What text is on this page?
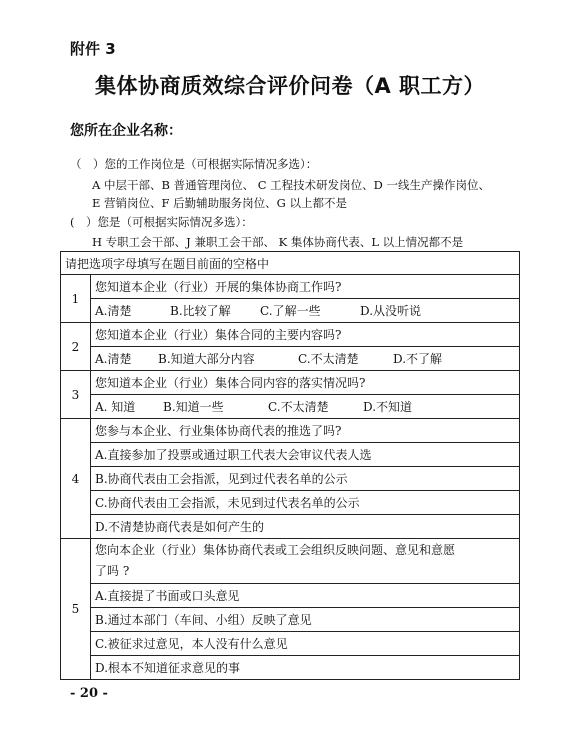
附件 3
集体协商质效综合评价问卷（A 职工方）
您所在企业名称：
（　）您的工作岗位是（可根据实际情况多选）：
A 中层干部、B 普通管理岗位、 C 工程技术研发岗位、D 一线生产操作岗位、
E 营销岗位、F 后勤辅助服务岗位、G 以上都不是
(　）您是（可根据实际情况多选）：
H 专职工会干部、J 兼职工会干部、 K 集体协商代表、L 以上情况都不是
请把选项字母填写在题目前面的空格中	
1	您知道本企业（行业）开展的集体协商工作吗?

	A.清楚 B.比较了解 C.了解一些 D.从没听说

2	您知道本企业（行业）集体合同的主要内容吗?

	A.清楚 B.知道大部分内容 C.不太清楚 D.不了解

3	您知道本企业（行业）集体合同内容的落实情况吗?

	A. 知道 B.知道一些 C.不太清楚 D.不知道

4	您参与本企业、行业集体协商代表的推选了吗?
	A.直接参加了投票或通过职工代表大会审议代表人选
	B.协商代表由工会指派，见到过代表名单的公示
	C.协商代表由工会指派，未见到过代表名单的公示
	D.不清楚协商代表是如何产生的
5	您向本企业（行业）集体协商代表或工会组织反映问题、意见和意愿
了吗 ?

	A.直接提了书面或口头意见
	B.通过本部门（车间、小组）反映了意见
	C.被征求过意见，本人没有什么意见
	D.根本不知道征求意见的事
- 20 -
